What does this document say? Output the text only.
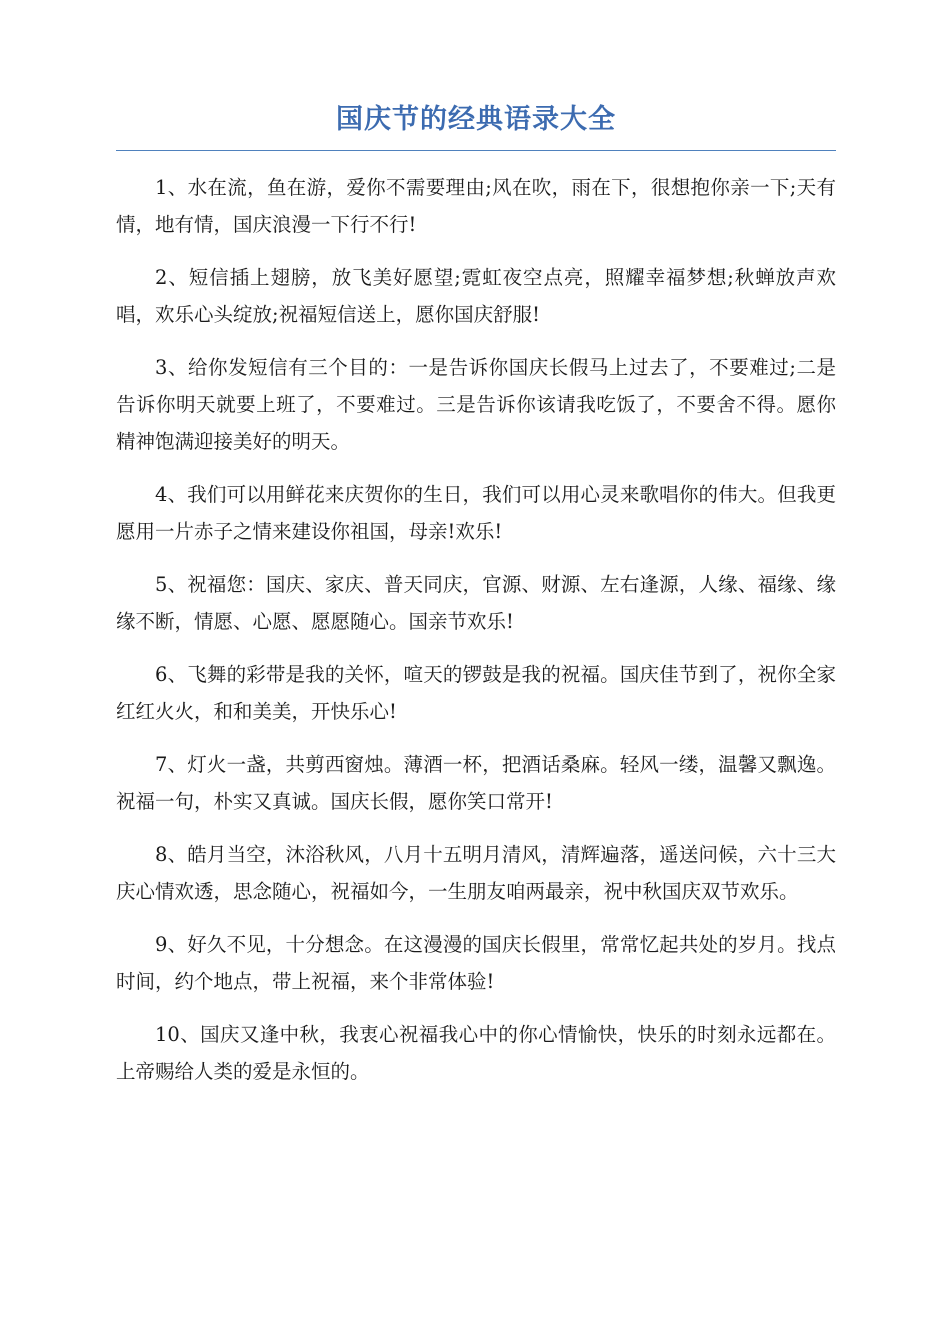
国庆节的经典语录大全

1、水在流，鱼在游，爱你不需要理由;风在吹，雨在下，很想抱你亲一下;天有情，地有情，国庆浪漫一下行不行!

2、短信插上翅膀，放飞美好愿望;霓虹夜空点亮，照耀幸福梦想;秋蝉放声欢唱，欢乐心头绽放;祝福短信送上，愿你国庆舒服!

3、给你发短信有三个目的：一是告诉你国庆长假马上过去了，不要难过;二是告诉你明天就要上班了，不要难过。三是告诉你该请我吃饭了，不要舍不得。愿你精神饱满迎接美好的明天。

4、我们可以用鲜花来庆贺你的生日，我们可以用心灵来歌唱你的伟大。但我更愿用一片赤子之情来建设你祖国，母亲!欢乐!

5、祝福您：国庆、家庆、普天同庆，官源、财源、左右逢源，人缘、福缘、缘缘不断，情愿、心愿、愿愿随心。国亲节欢乐!

6、飞舞的彩带是我的关怀，喧天的锣鼓是我的祝福。国庆佳节到了，祝你全家红红火火，和和美美，开快乐心!

7、灯火一盏，共剪西窗烛。薄酒一杯，把酒话桑麻。轻风一缕，温馨又飘逸。祝福一句，朴实又真诚。国庆长假，愿你笑口常开!

8、皓月当空，沐浴秋风，八月十五明月清风，清辉遍落，遥送问候，六十三大庆心情欢透，思念随心，祝福如今，一生朋友咱两最亲，祝中秋国庆双节欢乐。

9、好久不见，十分想念。在这漫漫的国庆长假里，常常忆起共处的岁月。找点时间，约个地点，带上祝福，来个非常体验!

10、国庆又逢中秋，我衷心祝福我心中的你心情愉快，快乐的时刻永远都在。上帝赐给人类的爱是永恒的。
